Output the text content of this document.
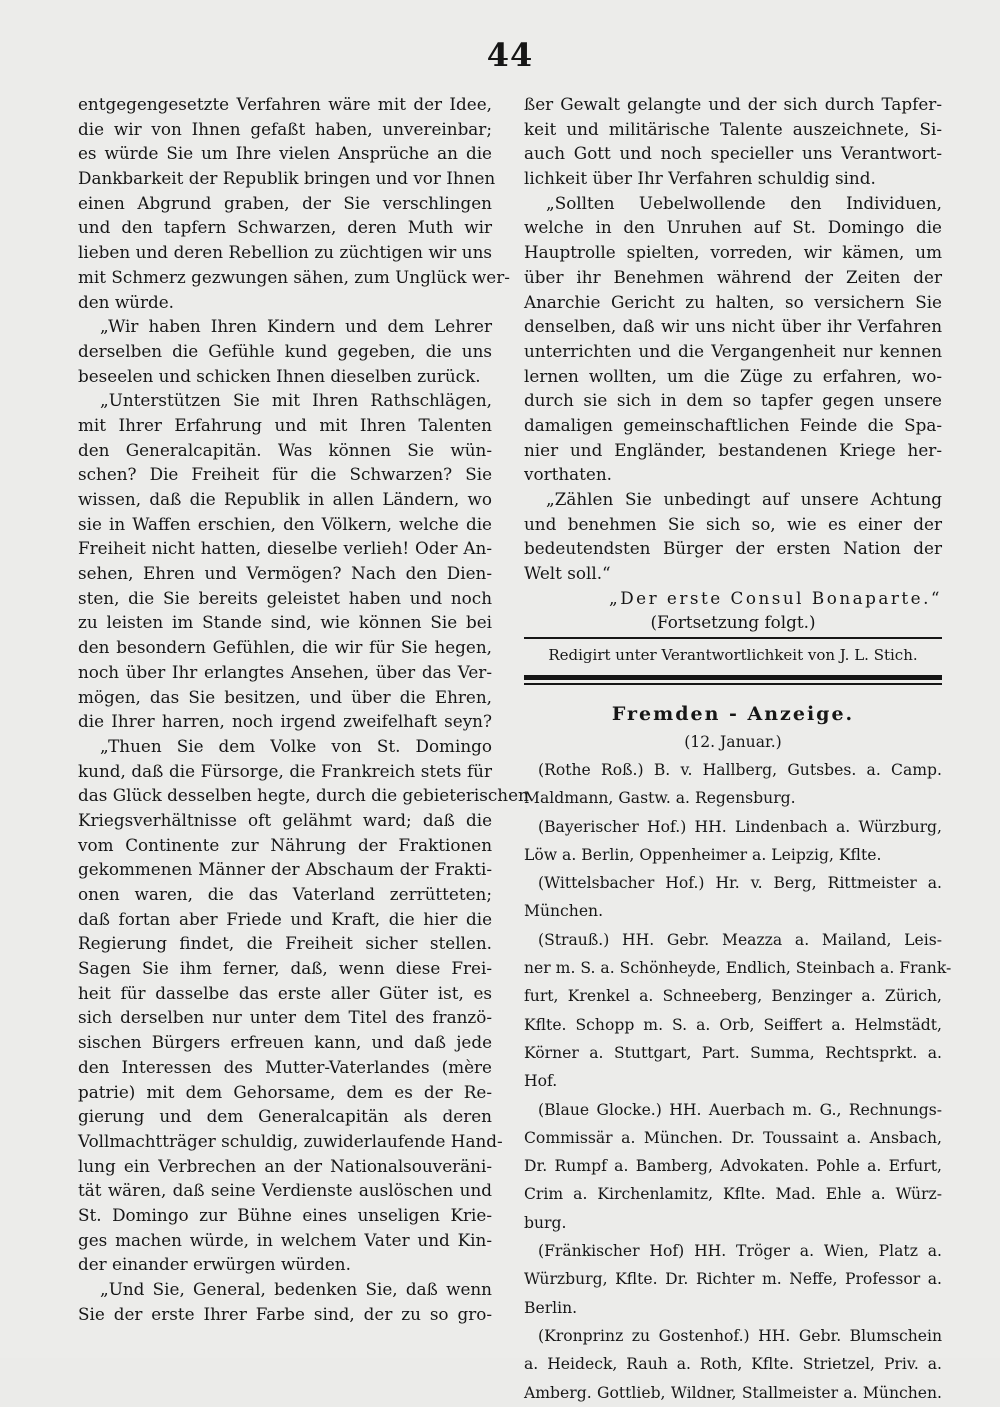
44
entgegengesetzte Verfahren wäre mit der Idee,
die wir von Ihnen gefaßt haben, unvereinbar;
es würde Sie um Ihre vielen Ansprüche an die
Dankbarkeit der Republik bringen und vor Ihnen
einen Abgrund graben, der Sie verschlingen
und den tapfern Schwarzen, deren Muth wir
lieben und deren Rebellion zu züchtigen wir uns
mit Schmerz gezwungen sähen, zum Unglück wer-
den würde.
„Wir haben Ihren Kindern und dem Lehrer
derselben die Gefühle kund gegeben, die uns
beseelen und schicken Ihnen dieselben zurück.
„Unterstützen Sie mit Ihren Rathschlägen,
mit Ihrer Erfahrung und mit Ihren Talenten
den Generalcapitän. Was können Sie wün-
schen? Die Freiheit für die Schwarzen? Sie
wissen, daß die Republik in allen Ländern, wo
sie in Waffen erschien, den Völkern, welche die
Freiheit nicht hatten, dieselbe verlieh! Oder An-
sehen, Ehren und Vermögen? Nach den Dien-
sten, die Sie bereits geleistet haben und noch
zu leisten im Stande sind, wie können Sie bei
den besondern Gefühlen, die wir für Sie hegen,
noch über Ihr erlangtes Ansehen, über das Ver-
mögen, das Sie besitzen, und über die Ehren,
die Ihrer harren, noch irgend zweifelhaft seyn?
„Thuen Sie dem Volke von St. Domingo
kund, daß die Fürsorge, die Frankreich stets für
das Glück desselben hegte, durch die gebieterischen
Kriegsverhältnisse oft gelähmt ward; daß die
vom Continente zur Nährung der Fraktionen
gekommenen Männer der Abschaum der Frakti-
onen waren, die das Vaterland zerrütteten;
daß fortan aber Friede und Kraft, die hier die
Regierung findet, die Freiheit sicher stellen.
Sagen Sie ihm ferner, daß, wenn diese Frei-
heit für dasselbe das erste aller Güter ist, es
sich derselben nur unter dem Titel des franzö-
sischen Bürgers erfreuen kann, und daß jede
den Interessen des Mutter-Vaterlandes (mère
patrie) mit dem Gehorsame, dem es der Re-
gierung und dem Generalcapitän als deren
Vollmachtträger schuldig, zuwiderlaufende Hand-
lung ein Verbrechen an der Nationalsouveräni-
tät wären, daß seine Verdienste auslöschen und
St. Domingo zur Bühne eines unseligen Krie-
ges machen würde, in welchem Vater und Kin-
der einander erwürgen würden.
„Und Sie, General, bedenken Sie, daß wenn
Sie der erste Ihrer Farbe sind, der zu so gro-
ßer Gewalt gelangte und der sich durch Tapfer-
keit und militärische Talente auszeichnete, Si-
auch Gott und noch specieller uns Verantwort-
lichkeit über Ihr Verfahren schuldig sind.
„Sollten Uebelwollende den Individuen,
welche in den Unruhen auf St. Domingo die
Hauptrolle spielten, vorreden, wir kämen, um
über ihr Benehmen während der Zeiten der
Anarchie Gericht zu halten, so versichern Sie
denselben, daß wir uns nicht über ihr Verfahren
unterrichten und die Vergangenheit nur kennen
lernen wollten, um die Züge zu erfahren, wo-
durch sie sich in dem so tapfer gegen unsere
damaligen gemeinschaftlichen Feinde die Spa-
nier und Engländer, bestandenen Kriege her-
vorthaten.
„Zählen Sie unbedingt auf unsere Achtung
und benehmen Sie sich so, wie es einer der
bedeutendsten Bürger der ersten Nation der
Welt soll.“
„Der erste Consul Bonaparte.“
(Fortsetzung folgt.)
Redigirt unter Verantwortlichkeit von J. L. Stich.
Fremden - Anzeige.
(12. Januar.)
(Rothe Roß.) B. v. Hallberg, Gutsbes. a. Camp.
Maldmann, Gastw. a. Regensburg.
(Bayerischer Hof.) HH. Lindenbach a. Würzburg,
Löw a. Berlin, Oppenheimer a. Leipzig, Kflte.
(Wittelsbacher Hof.) Hr. v. Berg, Rittmeister a.
München.
(Strauß.) HH. Gebr. Meazza a. Mailand, Leis-
ner m. S. a. Schönheyde, Endlich, Steinbach a. Frank-
furt, Krenkel a. Schneeberg, Benzinger a. Zürich,
Kflte. Schopp m. S. a. Orb, Seiffert a. Helmstädt,
Körner a. Stuttgart, Part. Summa, Rechtsprkt. a.
Hof.
(Blaue Glocke.) HH. Auerbach m. G., Rechnungs-
Commissär a. München. Dr. Toussaint a. Ansbach,
Dr. Rumpf a. Bamberg, Advokaten. Pohle a. Erfurt,
Crim a. Kirchenlamitz, Kflte. Mad. Ehle a. Würz-
burg.
(Fränkischer Hof) HH. Tröger a. Wien, Platz a.
Würzburg, Kflte. Dr. Richter m. Neffe, Professor a.
Berlin.
(Kronprinz zu Gostenhof.) HH. Gebr. Blumschein
a. Heideck, Rauh a. Roth, Kflte. Strietzel, Priv. a.
Amberg. Gottlieb, Wildner, Stallmeister a. München.
